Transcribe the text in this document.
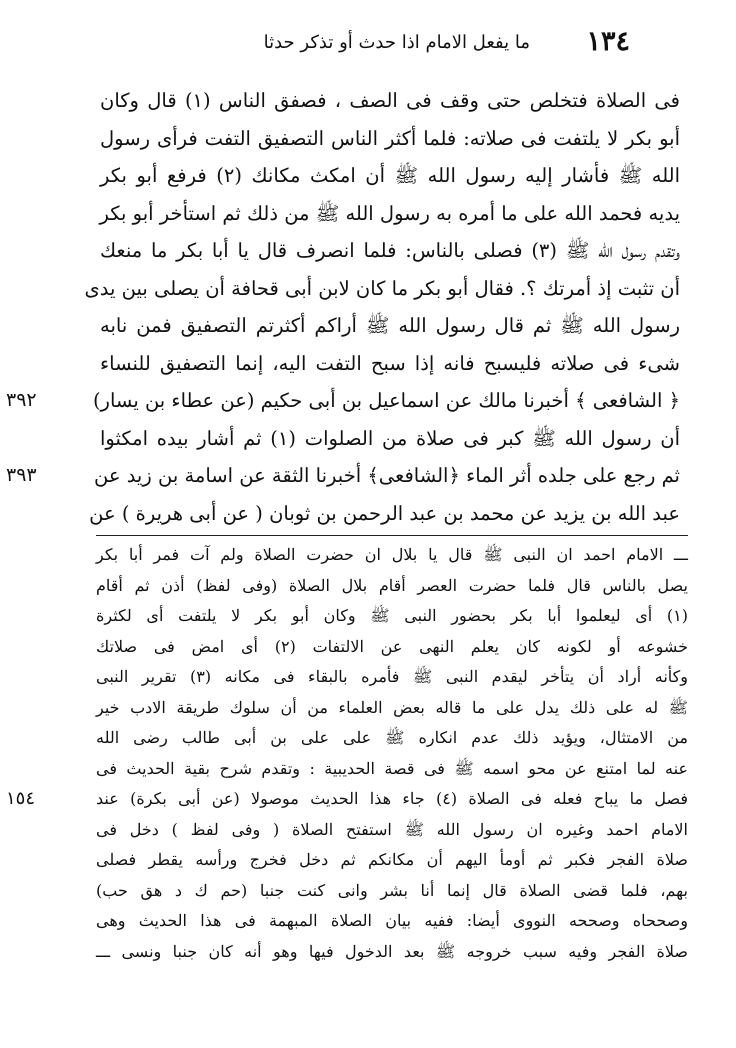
١٣٤
ما يفعل الامام اذا حدث أو تذكر حدثا
فى الصلاة فتخلص حتى وقف فى الصف ، فصفق الناس (١) قال وكان
أبو بكر لا يلتفت فى صلاته: فلما أكثر الناس التصفيق التفت فرأى رسول
الله ﷺ فأشار إليه رسول الله ﷺ أن امكث مكانك (٢) فرفع أبو بكر
يديه فحمد الله على ما أمره به رسول الله ﷺ من ذلك ثم استأخر أبو بكر
وتقدم رسول الله ﷺ (٣) فصلى بالناس: فلما انصرف قال يا أبا بكر ما منعك
أن تثبت إذ أمرتك ؟. فقال أبو بكر ما كان لابن أبى قحافة أن يصلى بين يدى
رسول الله ﷺ ثم قال رسول الله ﷺ أراكم أكثرتم التصفيق فمن نابه
شىء فى صلاته فليسبح فانه إذا سبح التفت اليه، إنما التصفيق للنساء
﴿ الشافعى ﴾ أخبرنا مالك عن اسماعيل بن أبى حكيم (عن عطاء بن يسار)
٣٩٢
أن رسول الله ﷺ كبر فى صلاة من الصلوات (١) ثم أشار بيده امكثوا
ثم رجع على جلده أثر الماء ﴿الشافعى﴾ أخبرنا الثقة عن اسامة بن زيد عن
٣٩٣
عبد الله بن يزيد عن محمد بن عبد الرحمن بن ثوبان ( عن أبى هريرة ) عن
ـــ الامام احمد ان النبى ﷺ قال يا بلال ان حضرت الصلاة ولم آت فمر أبا بكر
يصل بالناس قال فلما حضرت العصر أقام بلال الصلاة (وفى لفظ) أذن ثم أقام
(١) أى ليعلموا أبا بكر بحضور النبى ﷺ وكان أبو بكر لا يلتفت أى لكثرة
خشوعه أو لكونه كان يعلم النهى عن الالتفات (٢) أى امض فى صلاتك
وكأنه أراد أن يتأخر ليقدم النبى ﷺ فأمره بالبقاء فى مكانه (٣) تقرير النبى
ﷺ له على ذلك يدل على ما قاله بعض العلماء من أن سلوك طريقة الادب خير
من الامتثال، ويؤيد ذلك عدم انكاره ﷺ على على بن أبى طالب رضى الله
عنه لما امتنع عن محو اسمه ﷺ فى قصة الحديبية : وتقدم شرح بقية الحديث فى
فصل ما يباح فعله فى الصلاة (٤) جاء هذا الحديث موصولا (عن أبى بكرة) عند
١٥٤
الامام احمد وغيره ان رسول الله ﷺ استفتح الصلاة ( وفى لفظ ) دخل فى
صلاة الفجر فكبر ثم أومأ اليهم أن مكانكم ثم دخل فخرج ورأسه يقطر فصلى
بهم، فلما قضى الصلاة قال إنما أنا بشر وانى كنت جنبا (حم ك د هق حب)
وصححاه وصححه النووى أيضا: ففيه بيان الصلاة المبهمة فى هذا الحديث وهى
صلاة الفجر وفيه سبب خروجه ﷺ بعد الدخول فيها وهو أنه كان جنبا ونسى ـــ
